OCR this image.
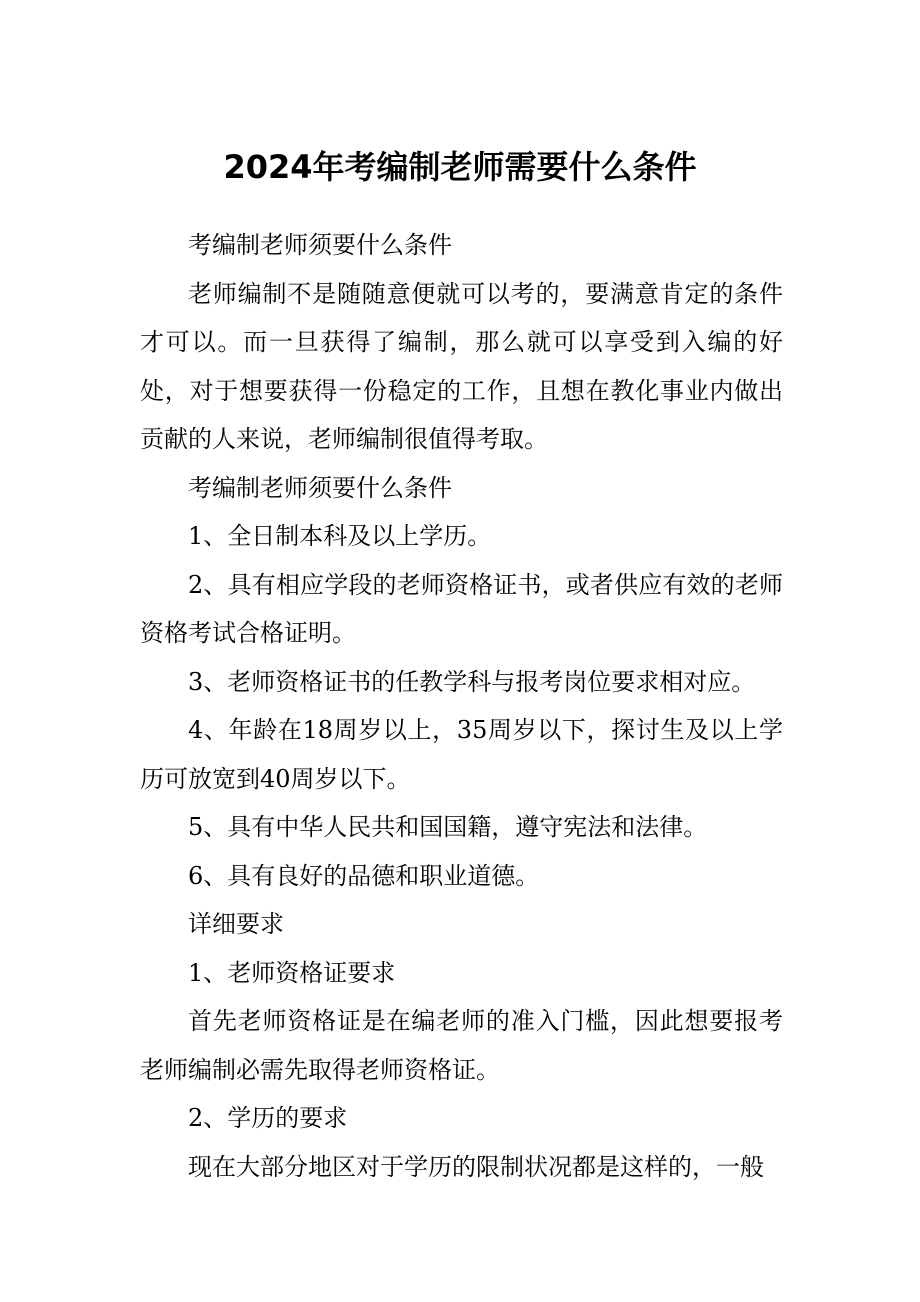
2024年考编制老师需要什么条件

考编制老师须要什么条件

老师编制不是随随意便就可以考的，要满意肯定的条件才可以。而一旦获得了编制，那么就可以享受到入编的好处，对于想要获得一份稳定的工作，且想在教化事业内做出贡献的人来说，老师编制很值得考取。

考编制老师须要什么条件

1、全日制本科及以上学历。

2、具有相应学段的老师资格证书，或者供应有效的老师资格考试合格证明。

3、老师资格证书的任教学科与报考岗位要求相对应。

4、年龄在18周岁以上，35周岁以下，探讨生及以上学历可放宽到40周岁以下。

5、具有中华人民共和国国籍，遵守宪法和法律。

6、具有良好的品德和职业道德。

详细要求

1、老师资格证要求

首先老师资格证是在编老师的准入门槛，因此想要报考老师编制必需先取得老师资格证。

2、学历的要求

现在大部分地区对于学历的限制状况都是这样的，一般
